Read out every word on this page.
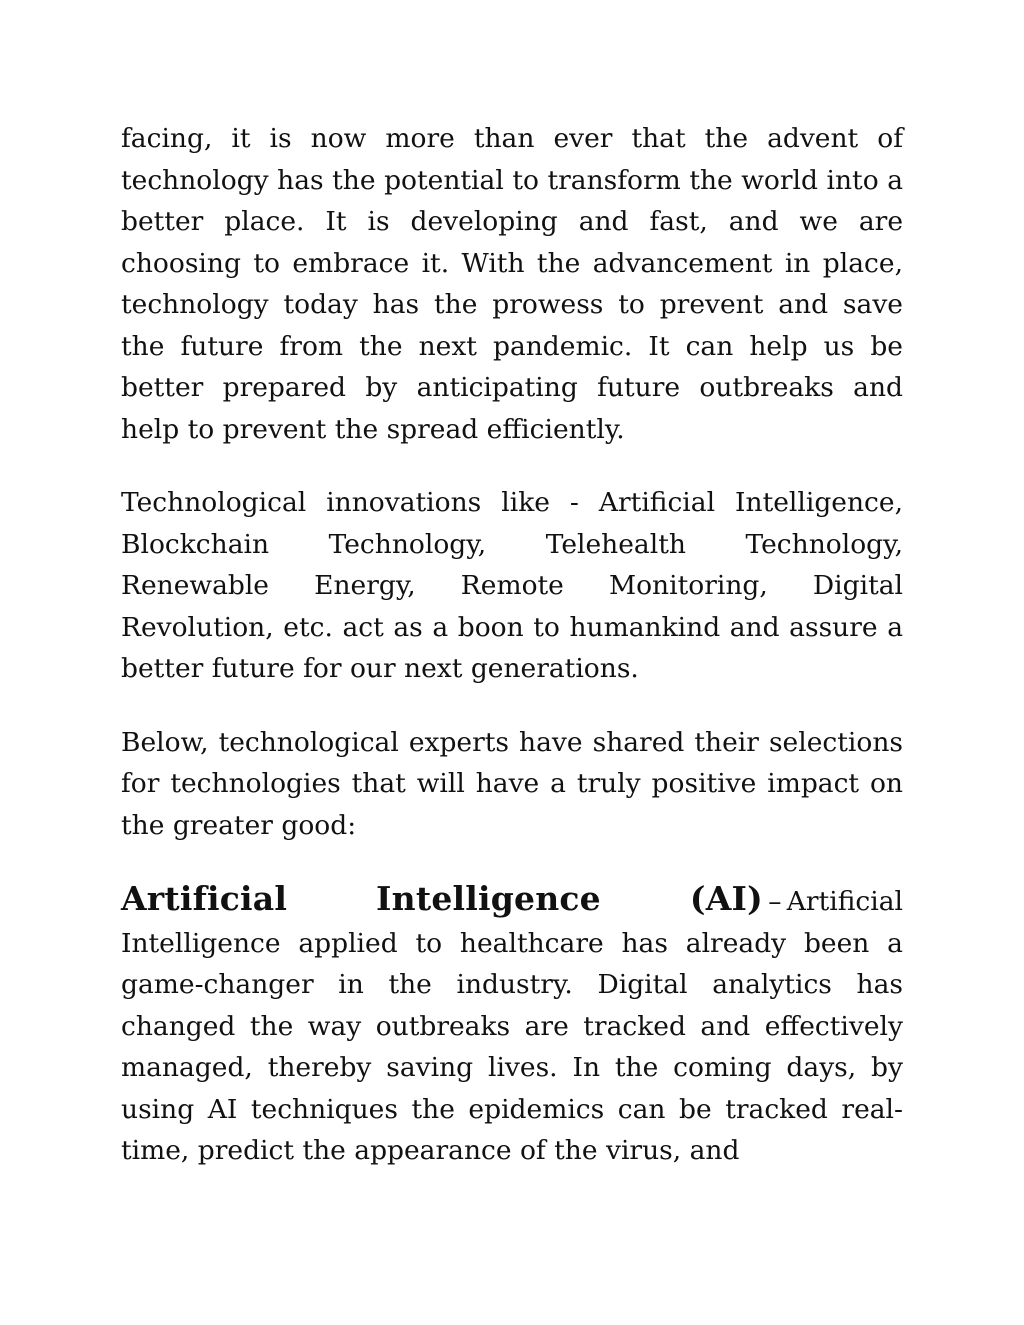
facing, it is now more than ever that the advent of technology has the potential to transform the world into a better place. It is developing and fast, and we are choosing to embrace it. With the advancement in place, technology today has the prowess to prevent and save the future from the next pandemic. It can help us be better prepared by anticipating future outbreaks and help to prevent the spread efficiently.

Technological innovations like - Artificial Intelligence, Blockchain Technology, Telehealth Technology, Renewable Energy, Remote Monitoring, Digital Revolution, etc. act as a boon to humankind and assure a better future for our next generations.

Below, technological experts have shared their selections for technologies that will have a truly positive impact on the greater good:

Artificial Intelligence (AI) – Artificial Intelligence applied to healthcare has already been a game-changer in the industry. Digital analytics has changed the way outbreaks are tracked and effectively managed, thereby saving lives. In the coming days, by using AI techniques the epidemics can be tracked real-time, predict the appearance of the virus, and
